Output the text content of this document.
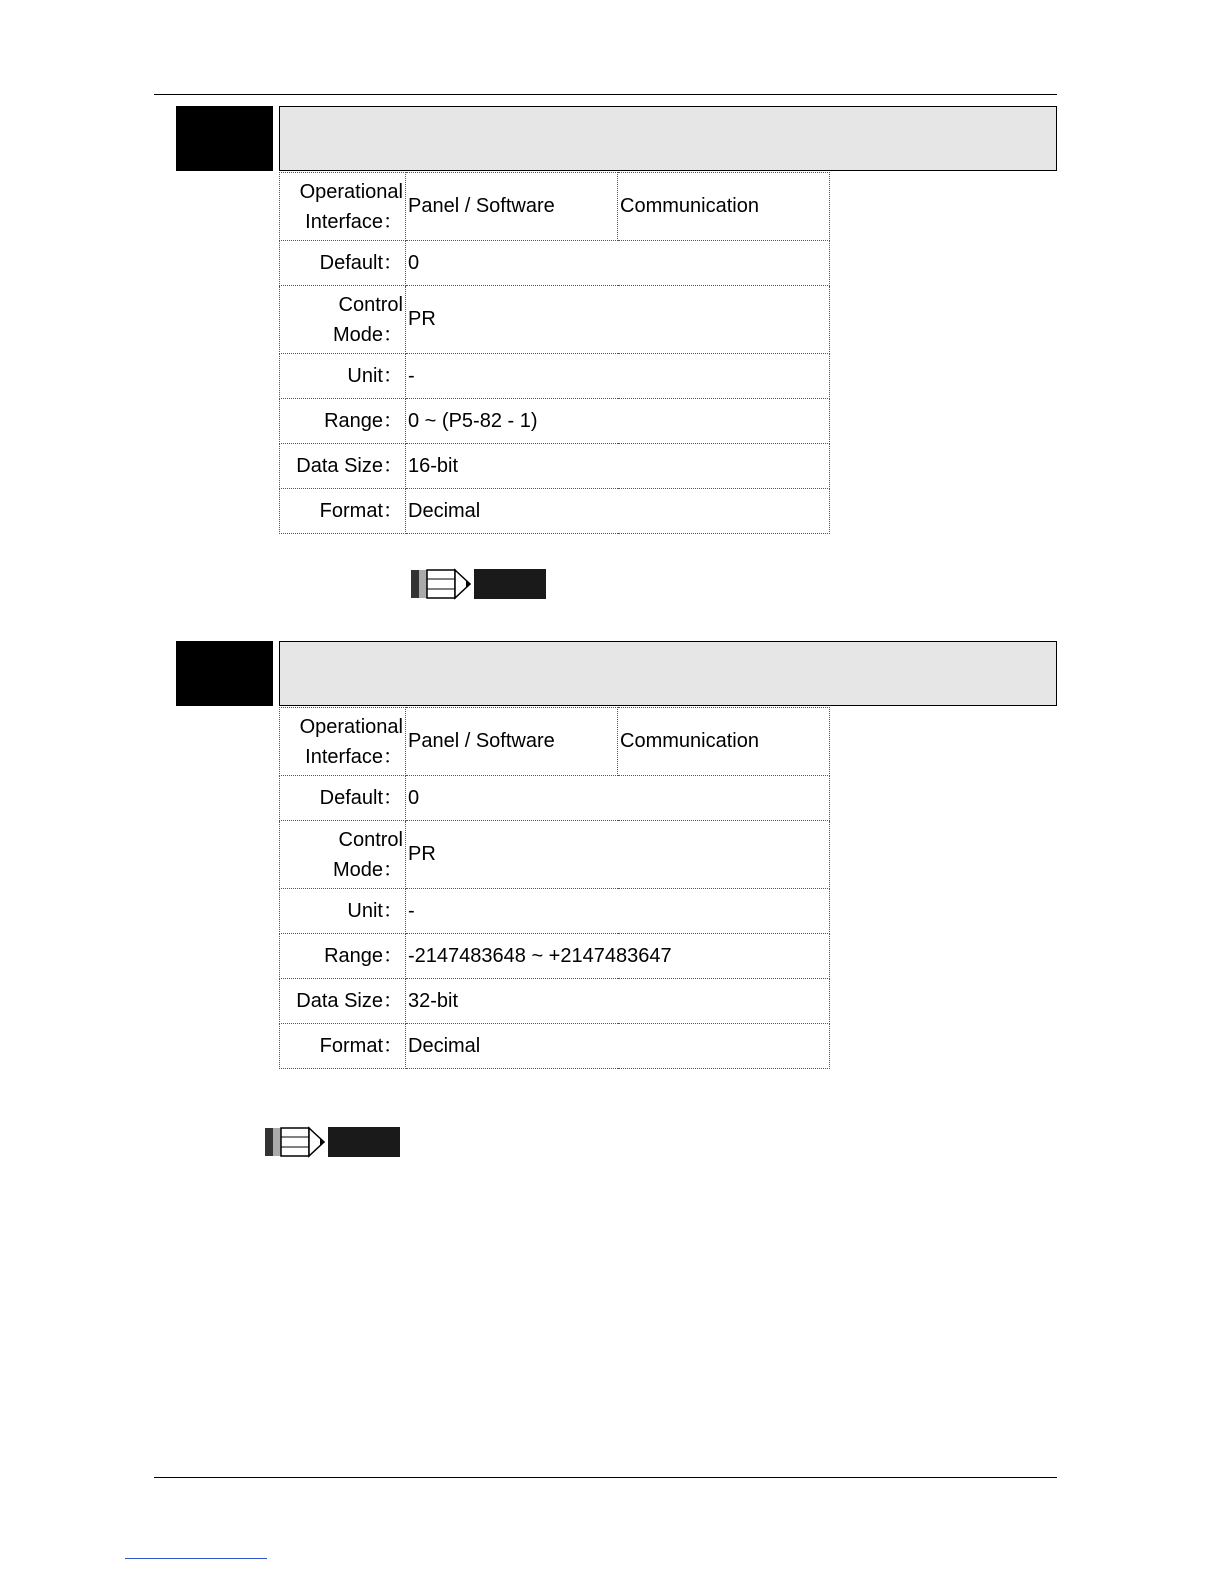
Operational
Interface：	Panel / Software	Communication
Default：	0	

Control
Mode：	PR	
Unit：	-	
Range：	0 ~ (P5-82 - 1)	
Data Size：	16-bit	
Format：	Decimal	
Operational
Interface：	Panel / Software	Communication
Default：	0	

Control
Mode：	PR	
Unit：	-	
Range：	-2147483648 ~ +2147483647	
Data Size：	32-bit	
Format：	Decimal	
